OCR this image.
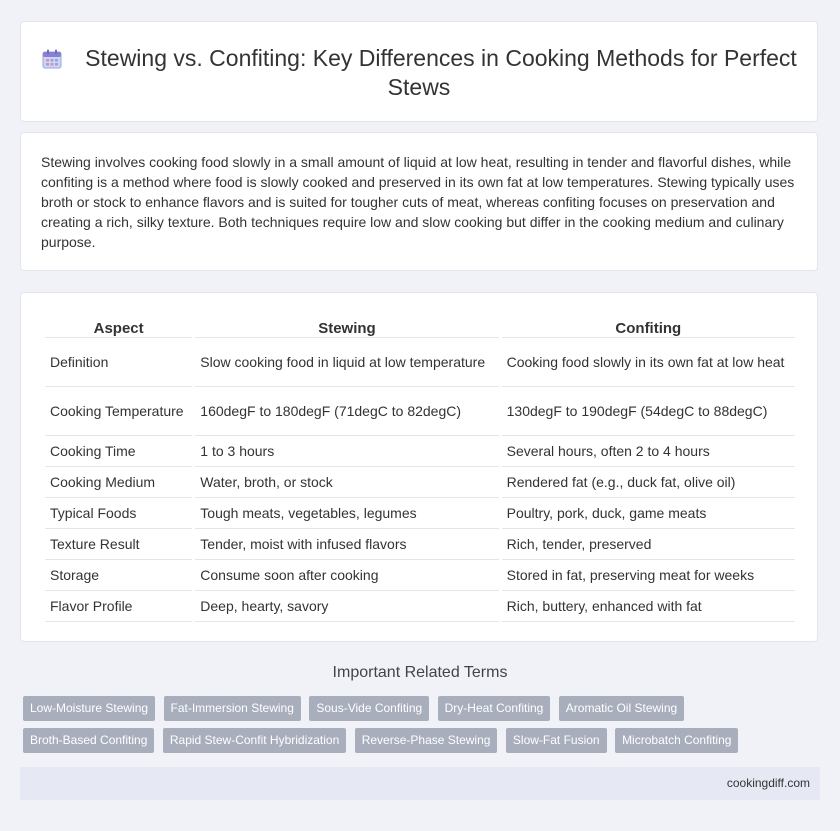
Stewing vs. Confiting: Key Differences in Cooking Methods for Perfect Stews
Stewing involves cooking food slowly in a small amount of liquid at low heat, resulting in tender and flavorful dishes, while confiting is a method where food is slowly cooked and preserved in its own fat at low temperatures. Stewing typically uses broth or stock to enhance flavors and is suited for tougher cuts of meat, whereas confiting focuses on preservation and creating a rich, silky texture. Both techniques require low and slow cooking but differ in the cooking medium and culinary purpose.
Aspect	Stewing	Confiting
Definition	Slow cooking food in liquid at low temperature	Cooking food slowly in its own fat at low heat
Cooking Temperature	160degF to 180degF (71degC to 82degC)	130degF to 190degF (54degC to 88degC)
Cooking Time	1 to 3 hours	Several hours, often 2 to 4 hours
Cooking Medium	Water, broth, or stock	Rendered fat (e.g., duck fat, olive oil)
Typical Foods	Tough meats, vegetables, legumes	Poultry, pork, duck, game meats
Texture Result	Tender, moist with infused flavors	Rich, tender, preserved
Storage	Consume soon after cooking	Stored in fat, preserving meat for weeks
Flavor Profile	Deep, hearty, savory	Rich, buttery, enhanced with fat
Important Related Terms
Low-Moisture Stewing Fat-Immersion Stewing Sous-Vide Confiting Dry-Heat Confiting Aromatic Oil Stewing Broth-Based Confiting Rapid Stew-Confit Hybridization Reverse-Phase Stewing Slow-Fat Fusion Microbatch Confiting
cookingdiff.com
